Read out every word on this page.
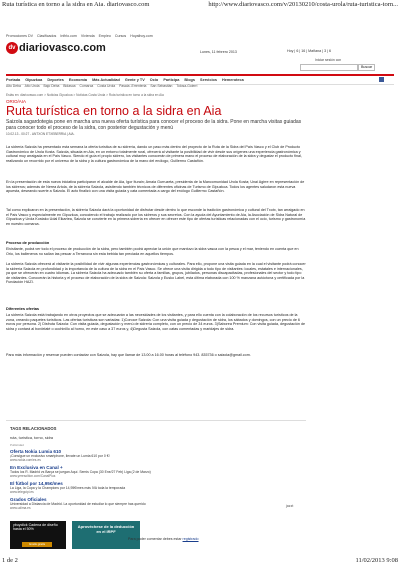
Ruta turística en torno a la sidra en Aia. diariovasco.com	http://www.diariovasco.com/v/20130210/costa-urola/ruta-turistica-torn...
Promociones DV Clasificados Infirlo.com Vivienda Empleo Cursos Hoyalhoy.com
dv diariovasco.com	Lunes, 11 febrero 2013	Hoy | 6 | 16 | Mañana | 3 | 6
Iniciar sesión con
Buscar
Portada Gipuzkoa Deportes Economía Más Actualidad Gente y TV Ocio Participa Blogs Servicios Hemeroteca
Alto Deba Alto Urola Bajo Deba Bidasoa Comarca Costa Urola Pasaia -Errenteria San Sebastián Tolosa-Goierri
Estás en: diariovasco.com > Noticias Gipuzkoa > Noticias Costa Urola > Ruta turística en torno a la sidra en Aia
ORIO/AIA
Ruta turística en torno a la sidra en Aia
Saizola sagardotegia pone en marcha una nueva oferta turística para conocer el proceso de la sidra. Pone en marcha visitas guiadas para conocer todo el proceso de la sidra, con posterior degustación y menú
10.02.13 - 00:27 - ANTXON ETXEBERRIA | AIA.
La sidrería Saizola ha presentado esta semana la oferta turística de su sidrería, dando un paso más dentro del proyecto de la Ruta de la Sidra del País Vasco y el Club de Producto Gastronómico de Urola Kosta. Saizola, situada en Aia, en un entorno totalmente rural, ofrecerá al visitante la posibilidad de vivir desde sus orígenes una experiencia gastronómica y cultural muy arraigada en el País Vasco. Siendo el guía el propio sidrero, los visitantes conocerán de primera mano el proceso de elaboración de la sidra y degustar el producto final, realizando un recorrido por el universo de la sidra y la cultura gastronómica de la mano del enólogo, Guillermo Castañón.
En la presentación de esta nueva iniciativa participaron el alcalde de Aia, Igor Iturain; Amaia Gurruzeta, presidenta de la Mancomunidad Urola Kosta; Unai Agirre en representación de los sidreros; además de Nerea Artola, de la sidrería Saizola, asistiendo también técnicos de diferentes oficinas de Turismo de Gipuzkoa. Todos los agentes saludaron esta nueva apuesta, deseando suerte a Saizola. El acto finalizó con una visita guiada y cata comentada a cargo del enólogo Guillermo Castañón.
Tal como explicaron en la presentación, la sidrería Saizola dará la oportunidad de disfrutar desde dentro lo que esconde la tradición gastronómica y cultural del Txotx, tan arraigado en el País Vasco y especialmente en Gipuzkoa, conociendo el trabajo realizado por los sidreros y sus secretos. Con la ayuda del Ayuntamiento de Aia, la Asociación de Sidra Natural de Gipuzkoa y Urola Kostako Udal Elkartea, Saizola se convierte en la primera sidrería en ofrecer en ofrecer este tipo de ofertas turísticas relacionadas con el ocio, turismo y gastronomía en nuestro comarca.
Proceso de producción
Elvisitante, podrá ver todo el proceso de producción de la sidra, pero también podrá apreciar la unión que mantuvo la sidra vasca con la pesca y el mar, teniendo en cuenta que en Orio, los balleneros no salían las pescar a Terranova sin esta bebida tan preciada en aquellos tiempos.
La sidrería Saizola ofrecerá al visitante la posibilidad de vivir algunas experiencias gastronómicas y culturales. Para ello, propone una visita guiada en la cual el visitante podrá conocer la sidrería Saizola en profundidad y la importancia de la cultura de la sidra en el País Vasco. Se ofrece una visita dirigida a todo tipo de visitantes: locales, estatales e internacionales, ya que se ofrecerán en cuatro idiomas. La sidrería Saizola ha adecuado también su oferta a familias, grupos, jubilados, personas discapacitadas, profesionales del sector y todo tipo de visitantes. Conocerán la historia y el proceso de elaboración de la sidra de Saizola: Saizola y Eusko Label, esta última elaborada con 100 % manzana autóctona y certificada por la Fundación HAZI.
Diferentes ofertas
La sidrería Saizola está trabajando en otros proyectos que se adecuarán a las necesidades de los visitantes, y para ello cuenta con la colaboración de los recursos turísticos de la zona, creando paquetes turísticos. Las ofertas turísticas son variadas: 1)Conoce Saizola: Con una visita guiada y degustación de sidra, los sábados y domingos, con un precio de 6 euros por persona. 2) Disfruta Saizola: Con visita guiada, degustación y menú de sidrería completo, con un precio de 34 euros. 3)Saborea Premium: Con visita guiada, degustación de sidra y contará al bordelaté o cochinillo al horno, en este caso a 37 euros y, 4)Degusta Saizola, con catas comentadas y maridajes de sidra.
Para más información y reservar pueden contactar con Saizola, hay que llamar de 13.00 a 16.00 horas al teléfono 943. 835736 o saizola@gmail.com.
TAGS RELACIONADOS
ruta, turística, torno, sidra
Publicidad
Oferta Nokia Lumia 610
¡Consigue un exclusivo smartphone, llevate un Lumia 610 por 0 €!
www.nokia.com/es-es
En Exclusiva en Canal +
Todos los R. Madrid vs Barça se juegan Aquí. Semis Copa (30 Ene/27 Feb) Liga (2 de Marzo)
www.yeresoltion.com/CanalPlus
El fútbol por 14,95€/mes
La Liga, la Copa y la Champions por 14,95€/mes más IVA toda la temporada
www.telegoipi.es
Grados Oficiales
Universidad a Distancia de Madrid. La oportunidad de estudiar lo que siempre has querido
www.udima.es
jazzt
ybuyclick Cadena de diseño hasta el 50%
Gratis gratis
Aprovéchese de la deducción en el IRPF
Para poder comentar debes estar registrado
1 de 2	11/02/2013 9:08
